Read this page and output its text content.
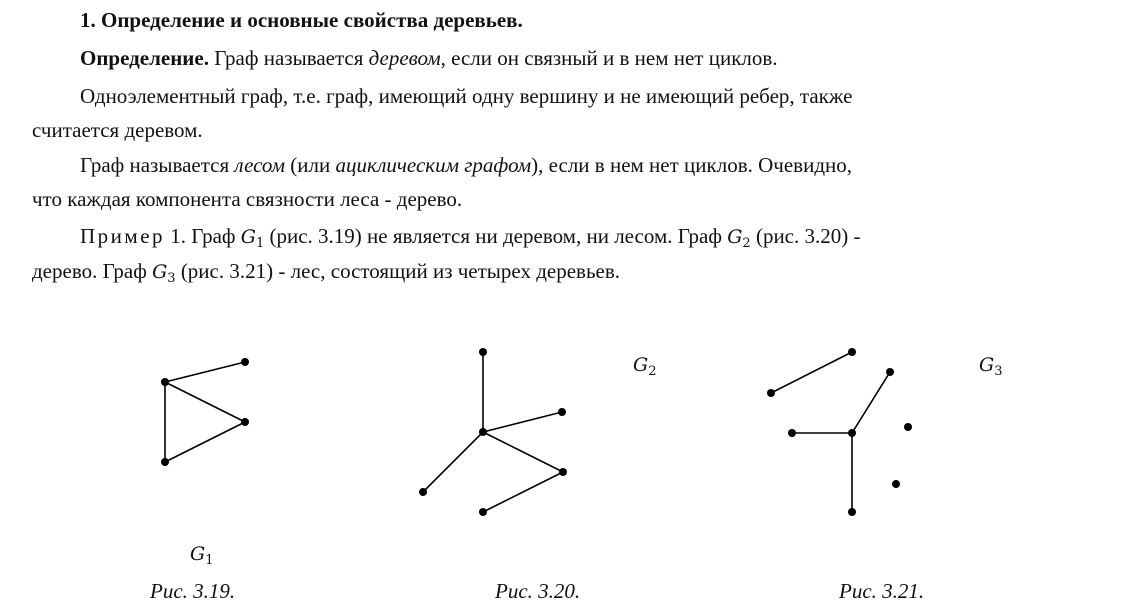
1. Определение и основные свойства деревьев.
Определение. Граф называется деревом, если он связный и в нем нет циклов.
Одноэлементный граф, т.е. граф, имеющий одну вершину и не имеющий ребер, также
считается деревом.
Граф называется лесом (или ациклическим графом), если в нем нет циклов. Очевидно,
что каждая компонента связности леса - дерево.
Пример 1. Граф $G_1$ (рис. 3.19) не является ни деревом, ни лесом. Граф $G_2$ (рис. 3.20) -
дерево. Граф $G_3$ (рис. 3.21) - лес, состоящий из четырех деревьев.
$G_1$
$G_2$	$G_3$
Рис. 3.19.	Рис. 3.20.	Рис. 3.21.
